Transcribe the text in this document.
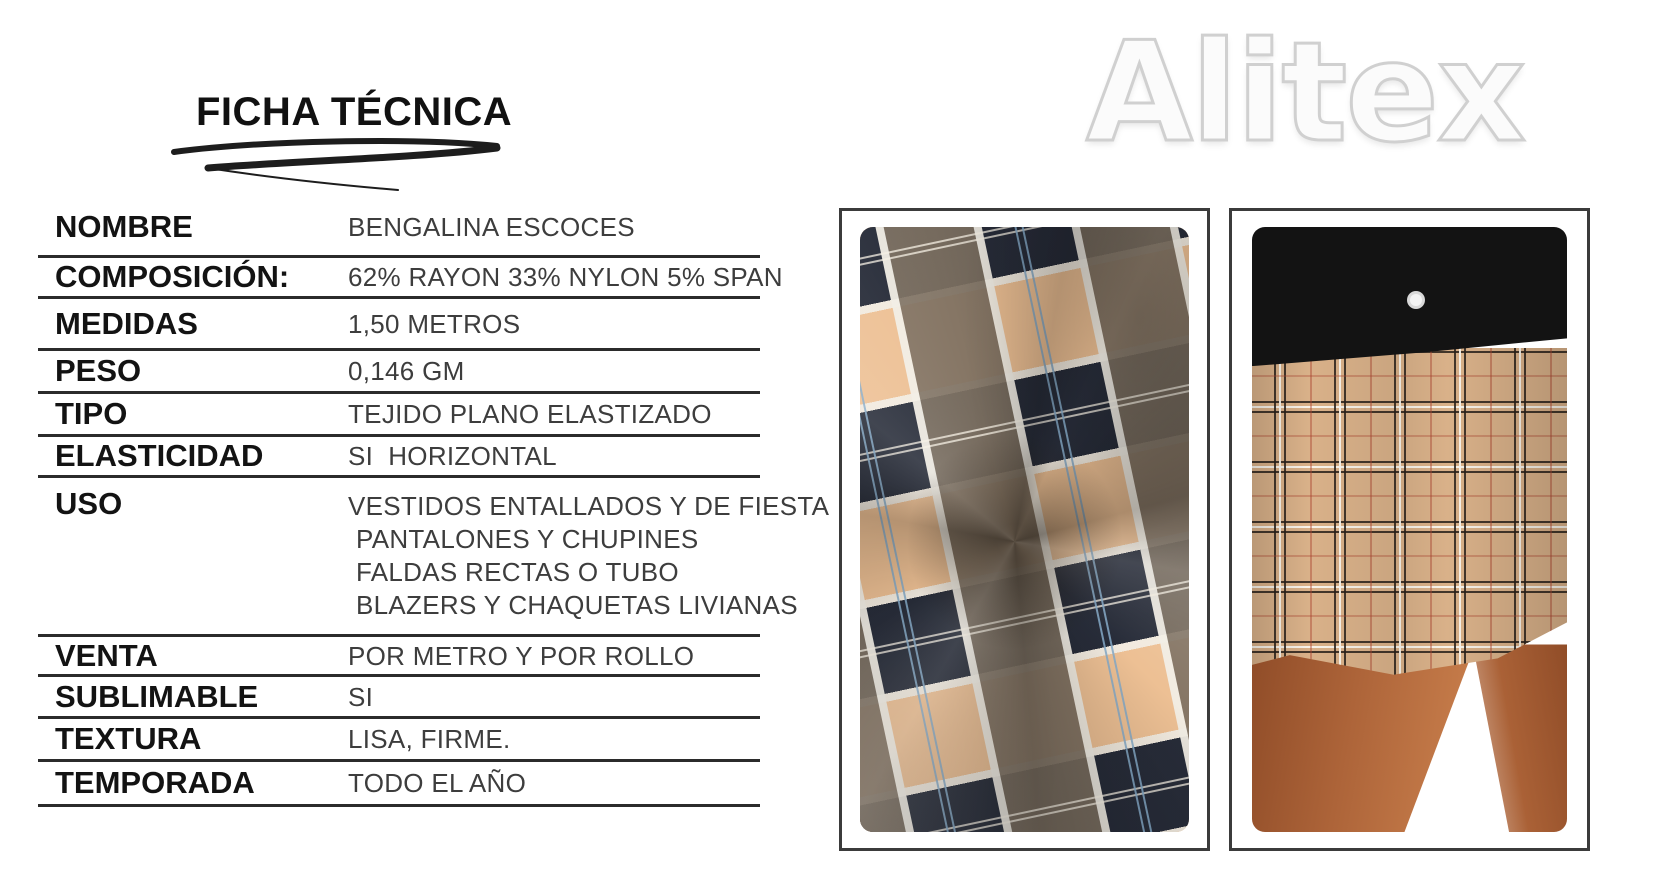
FICHA TÉCNICA	Alitex
NOMBRE	BENGALINA ESCOCES
COMPOSICIÓN:	62% RAYON 33% NYLON 5% SPAN
MEDIDAS	1,50 METROS
PESO	0,146 GM
TIPO	TEJIDO PLANO ELASTIZADO
ELASTICIDAD	SI  HORIZONTAL
USO	VESTIDOS ENTALLADOS Y DE FIESTA
PANTALONES Y CHUPINES
FALDAS RECTAS O TUBO
BLAZERS Y CHAQUETAS LIVIANAS
VENTA	POR METRO Y POR ROLLO
SUBLIMABLE	SI
TEXTURA	LISA, FIRME.
TEMPORADA	TODO EL AÑO
